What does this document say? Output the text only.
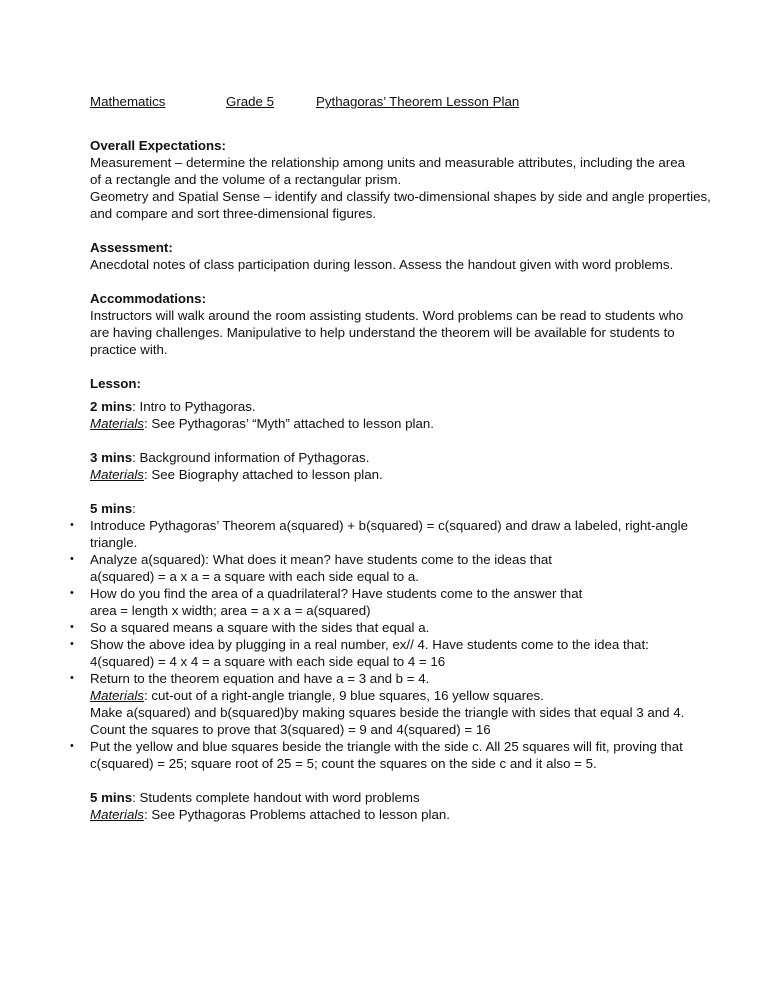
Mathematics	Grade 5	Pythagoras’ Theorem Lesson Plan
Overall Expectations:
Measurement – determine the relationship among units and measurable attributes, including the area
of a rectangle and the volume of a rectangular prism.
Geometry and Spatial Sense – identify and classify two-dimensional shapes by side and angle properties,
and compare and sort three-dimensional figures.
Assessment:
Anecdotal notes of class participation during lesson. Assess the handout given with word problems.
Accommodations:
Instructors will walk around the room assisting students. Word problems can be read to students who
are having challenges. Manipulative to help understand the theorem will be available for students to
practice with.
Lesson:
2 mins: Intro to Pythagoras.
Materials: See Pythagoras’ “Myth” attached to lesson plan.
3 mins: Background information of Pythagoras.
Materials: See Biography attached to lesson plan.
5 mins:
• Introduce Pythagoras’ Theorem a(squared) + b(squared) = c(squared) and draw a labeled, right-angle
triangle.
• Analyze a(squared): What does it mean? have students come to the ideas that
a(squared) = a x a = a square with each side equal to a.
• How do you find the area of a quadrilateral? Have students come to the answer that
area = length x width; area = a x a = a(squared)
• So a squared means a square with the sides that equal a.
• Show the above idea by plugging in a real number, ex// 4. Have students come to the idea that:
4(squared) = 4 x 4 = a square with each side equal to 4 = 16
• Return to the theorem equation and have a = 3 and b = 4.
Materials: cut-out of a right-angle triangle, 9 blue squares, 16 yellow squares.
Make a(squared) and b(squared)by making squares beside the triangle with sides that equal 3 and 4.
Count the squares to prove that 3(squared) = 9 and 4(squared) = 16
• Put the yellow and blue squares beside the triangle with the side c. All 25 squares will fit, proving that
c(squared) = 25; square root of 25 = 5; count the squares on the side c and it also = 5.
5 mins: Students complete handout with word problems
Materials: See Pythagoras Problems attached to lesson plan.
